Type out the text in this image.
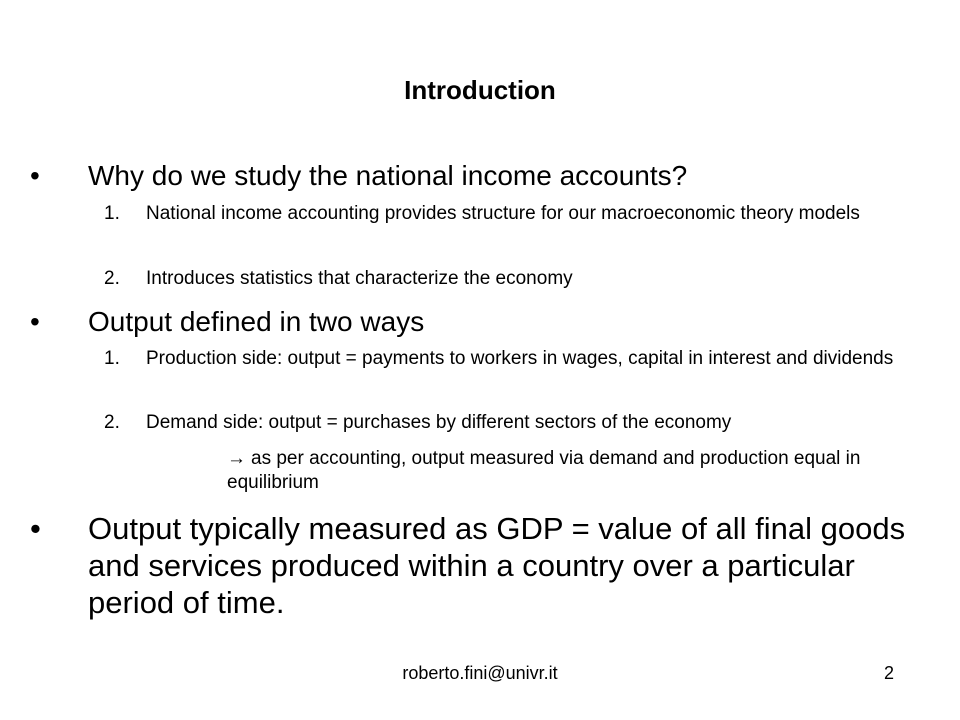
Introduction
• Why do we study the national income accounts?
1. National income accounting provides structure for our macroeconomic theory models
2. Introduces statistics that characterize the economy
• Output defined in two ways
1. Production side: output = payments to workers in wages, capital in interest and dividends
2. Demand side: output = purchases by different sectors of the economy
→ as per accounting, output measured via demand and production equal in equilibrium
• Output typically measured as GDP = value of all final goods and services produced within a country over a particular period of time.
roberto.fini@univr.it	2
